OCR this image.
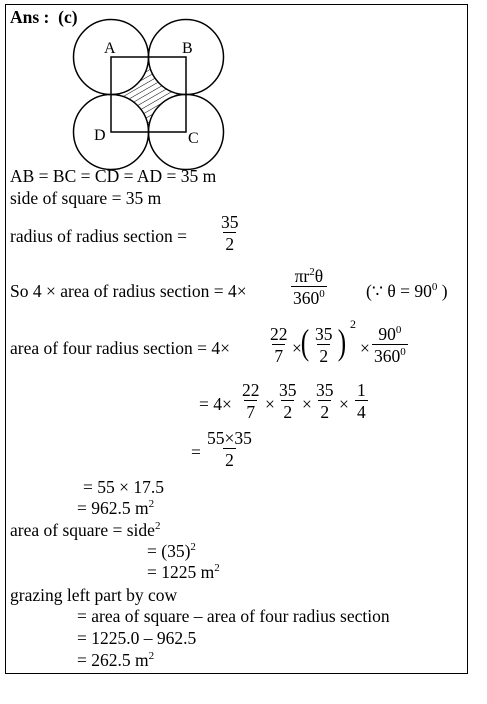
Ans : (c)
A	B
D	C
AB = BC = CD = AD = 35 m
side of square = 35 m
radius of radius section = $\frac{35}{2}$
So 4 × area of radius section = 4×	$\frac{\pi r^2\theta}{360^0}$ (∵ $\theta = 90^0$ )
area of four radius section = $4\times \frac{22}{7}$ ×
( $\frac{35}{2}$ ) 2
× $\frac{90^0}{360^0}$
= $4\times \frac{22}{7} \times \frac{35}{2} \times \frac{35}{2} \times \frac{1}{4}$
= $\frac{55\times 35}{2}$
= 55 × 17.5
= 962.5 $m^2$
area of square = side$^2$
= $(35)^2$
= 1225 $m^2$
grazing left part by cow
= area of square – area of four radius section
= 1225.0 – 962.5
= 262.5 $m^2$
